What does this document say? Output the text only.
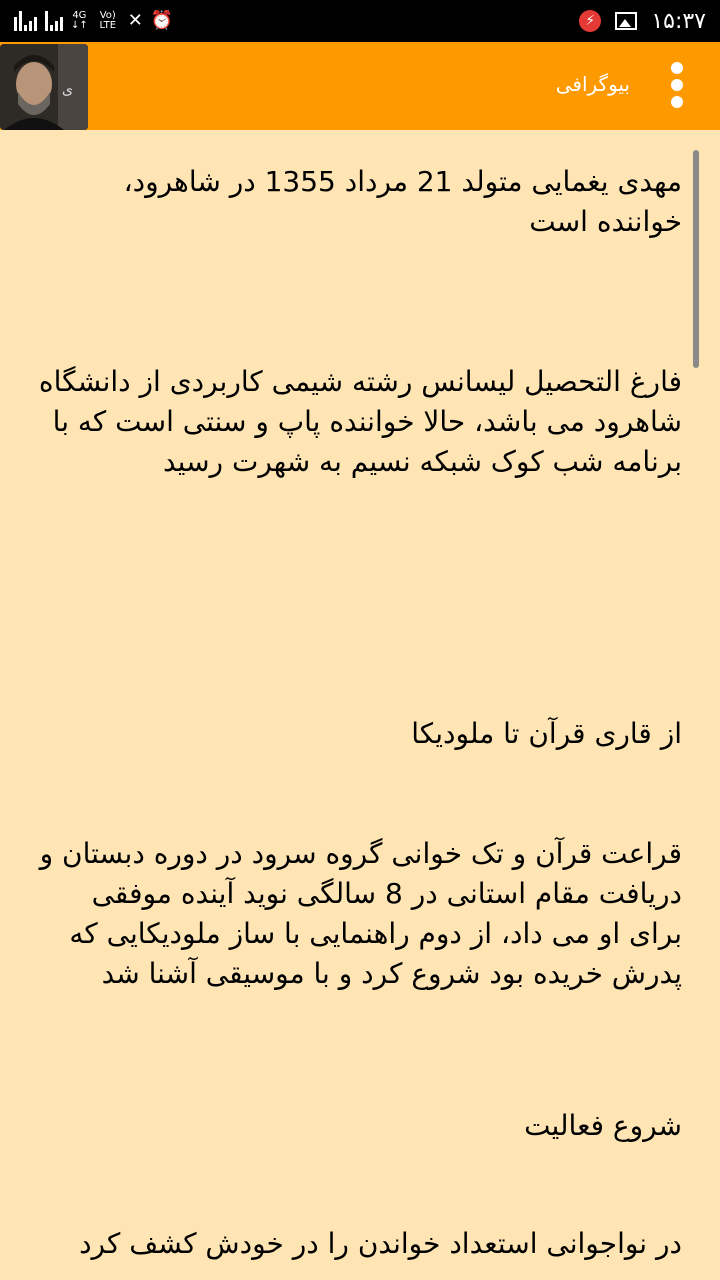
4G
↓↑
Vo) LTE ✕ ⏰	⚡	۱۵:۳۷
ى	بیوگرافی

مهدی یغمایی متولد 21 مرداد 1355 در شاهرود، خواننده است

فارغ التحصیل لیسانس رشته شیمی کاربردی از دانشگاه شاهرود می باشد، حالا خواننده پاپ و سنتی است که با برنامه شب کوک شبکه نسیم به شهرت رسید

از قاری قرآن تا ملودیکا

قراعت قرآن و تک خوانی گروه سرود در دوره دبستان و دریافت مقام استانی در 8 سالگی نوید آینده موفقی برای او می داد، از دوم راهنمایی با ساز ملودیکایی که پدرش خریده بود شروع کرد و با موسیقی آشنا شد

شروع فعالیت

در نواجوانی استعداد خواندن را در خودش کشف کرد
